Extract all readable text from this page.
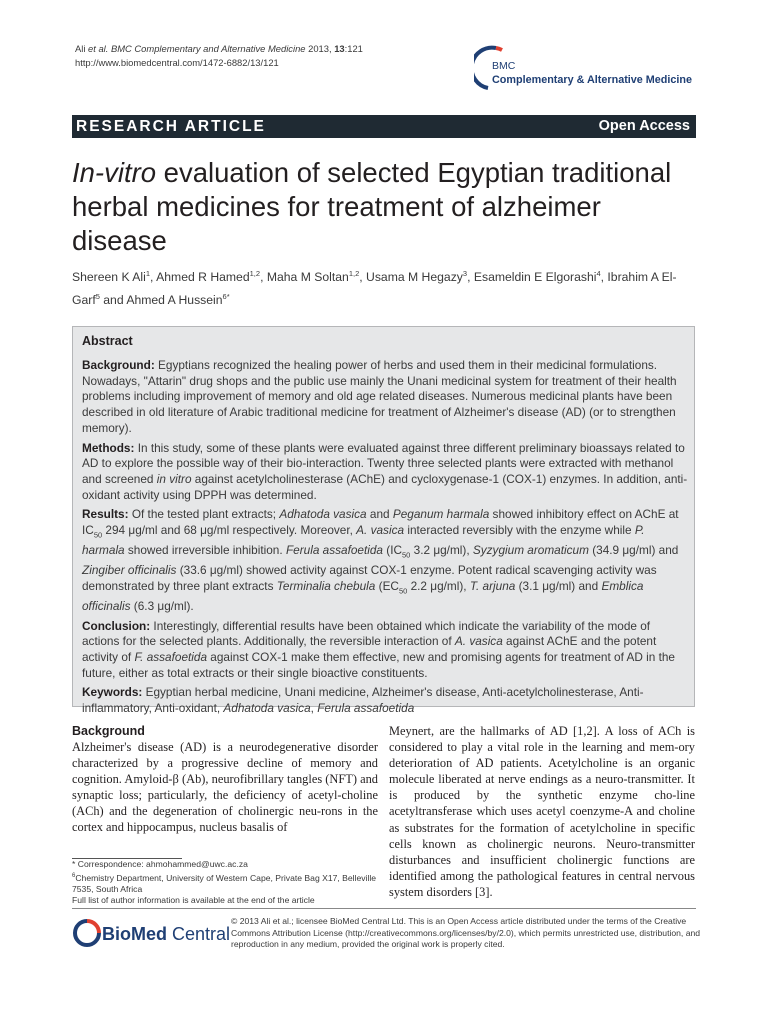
Ali et al. BMC Complementary and Alternative Medicine 2013, 13:121
http://www.biomedcentral.com/1472-6882/13/121	BMC
Complementary & Alternative Medicine
RESEARCH ARTICLE	Open Access
In-vitro evaluation of selected Egyptian traditional herbal medicines for treatment of alzheimer disease
Shereen K Ali$^1$, Ahmed R Hamed$^{1,2}$, Maha M Soltan$^{1,2}$, Usama M Hegazy$^3$, Esameldin E Elgorashi$^4$, Ibrahim A El-Garf$^5$ and Ahmed A Hussein$^{6*}$
Abstract

Background: Egyptians recognized the healing power of herbs and used them in their medicinal formulations. Nowadays, "Attarin" drug shops and the public use mainly the Unani medicinal system for treatment of their health problems including improvement of memory and old age related diseases. Numerous medicinal plants have been described in old literature of Arabic traditional medicine for treatment of Alzheimer's disease (AD) (or to strengthen memory).

Methods: In this study, some of these plants were evaluated against three different preliminary bioassays related to AD to explore the possible way of their bio-interaction. Twenty three selected plants were extracted with methanol and screened in vitro against acetylcholinesterase (AChE) and cycloxygenase-1 (COX-1) enzymes. In addition, anti-oxidant activity using DPPH was determined.

Results: Of the tested plant extracts; Adhatoda vasica and Peganum harmala showed inhibitory effect on AChE at $IC_{50}$ 294 μg/ml and 68 μg/ml respectively. Moreover, A. vasica interacted reversibly with the enzyme while P. harmala showed irreversible inhibition. Ferula assafoetida ($IC_{50}$ 3.2 μg/ml), Syzygium aromaticum (34.9 μg/ml) and Zingiber officinalis (33.6 μg/ml) showed activity against COX-1 enzyme. Potent radical scavenging activity was demonstrated by three plant extracts Terminalia chebula ($EC_{50}$ 2.2 μg/ml), T. arjuna (3.1 μg/ml) and Emblica officinalis (6.3 μg/ml).

Conclusion: Interestingly, differential results have been obtained which indicate the variability of the mode of actions for the selected plants. Additionally, the reversible interaction of A. vasica against AChE and the potent activity of F. assafoetida against COX-1 make them effective, new and promising agents for treatment of AD in the future, either as total extracts or their single bioactive constituents.

Keywords: Egyptian herbal medicine, Unani medicine, Alzheimer's disease, Anti-acetylcholinesterase, Anti-inflammatory, Anti-oxidant, Adhatoda vasica, Ferula assafoetida

Background
Alzheimer's disease (AD) is a neurodegenerative disorder characterized by a progressive decline of memory and cognition. Amyloid-β (Ab), neurofibrillary tangles (NFT) and synaptic loss; particularly, the deficiency of acetyl-choline (ACh) and the degeneration of cholinergic neu-rons in the cortex and hippocampus, nucleus basalis of
Meynert, are the hallmarks of AD [1,2]. A loss of ACh is considered to play a vital role in the learning and mem-ory deterioration of AD patients. Acetylcholine is an organic molecule liberated at nerve endings as a neuro-transmitter. It is produced by the synthetic enzyme cho-line acetyltransferase which uses acetyl coenzyme-A and choline as substrates for the formation of acetylcholine in specific cells known as cholinergic neurons. Neuro-transmitter disturbances and insufficient cholinergic functions are identified among the pathological features in central nervous system disorders [3].
* Correspondence: ahmohammed@uwc.ac.za
$^6$Chemistry Department, University of Western Cape, Private Bag X17, Belleville 7535, South Africa
Full list of author information is available at the end of the article
BioMed Central
© 2013 Ali et al.; licensee BioMed Central Ltd. This is an Open Access article distributed under the terms of the Creative Commons Attribution License (http://creativecommons.org/licenses/by/2.0), which permits unrestricted use, distribution, and reproduction in any medium, provided the original work is properly cited.
